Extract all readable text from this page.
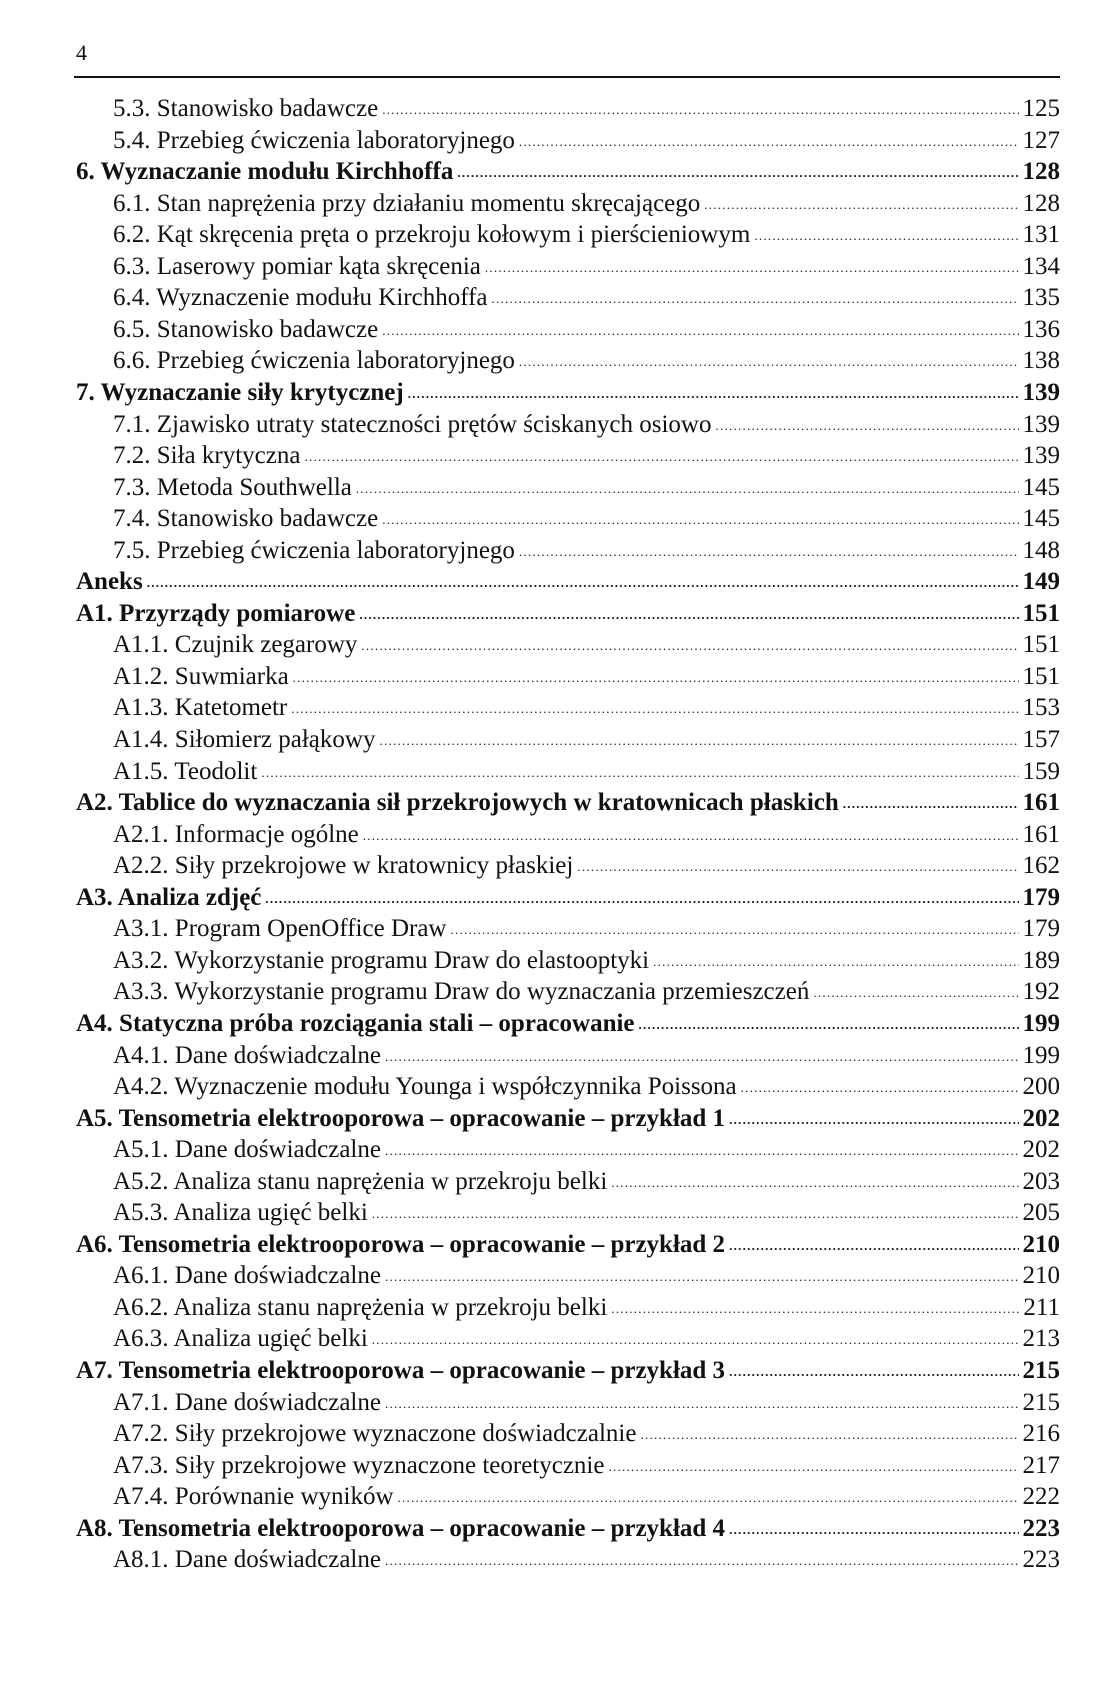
4
5.3. Stanowisko badawcze . . .	125
5.4. Przebieg ćwiczenia laboratoryjnego . . .	127
6. Wyznaczanie modułu Kirchhoffa . . .	128
6.1. Stan naprężenia przy działaniu momentu skręcającego . . .	128
6.2. Kąt skręcenia pręta o przekroju kołowym i pierścieniowym . . .	131
6.3. Laserowy pomiar kąta skręcenia . . .	134
6.4. Wyznaczenie modułu Kirchhoffa . . .	135
6.5. Stanowisko badawcze . . .	136
6.6. Przebieg ćwiczenia laboratoryjnego . . .	138
7. Wyznaczanie siły krytycznej . . .	139
7.1. Zjawisko utraty stateczności prętów ściskanych osiowo . . .	139
7.2. Siła krytyczna . . .	139
7.3. Metoda Southwella . . .	145
7.4. Stanowisko badawcze . . .	145
7.5. Przebieg ćwiczenia laboratoryjnego . . .	148
Aneks . . .	149
A1. Przyrządy pomiarowe . . .	151
A1.1. Czujnik zegarowy . . .	151
A1.2. Suwmiarka . . .	151
A1.3. Katetometr . . .	153
A1.4. Siłomierz pałąkowy . . .	157
A1.5. Teodolit . . .	159
A2. Tablice do wyznaczania sił przekrojowych w kratownicach płaskich . . .	161
A2.1. Informacje ogólne . . .	161
A2.2. Siły przekrojowe w kratownicy płaskiej . . .	162
A3. Analiza zdjęć . . .	179
A3.1. Program OpenOffice Draw . . .	179
A3.2. Wykorzystanie programu Draw do elastooptyki . . .	189
A3.3. Wykorzystanie programu Draw do wyznaczania przemieszczeń . . .	192
A4. Statyczna próba rozciągania stali – opracowanie . . .	199
A4.1. Dane doświadczalne . . .	199
A4.2. Wyznaczenie modułu Younga i współczynnika Poissona . . .	200
A5. Tensometria elektrooporowa – opracowanie – przykład 1 . . .	202
A5.1. Dane doświadczalne . . .	202
A5.2. Analiza stanu naprężenia w przekroju belki . . .	203
A5.3. Analiza ugięć belki . . .	205
A6. Tensometria elektrooporowa – opracowanie – przykład 2 . . .	210
A6.1. Dane doświadczalne . . .	210
A6.2. Analiza stanu naprężenia w przekroju belki . . .	211
A6.3. Analiza ugięć belki . . .	213
A7. Tensometria elektrooporowa – opracowanie – przykład 3 . . .	215
A7.1. Dane doświadczalne . . .	215
A7.2. Siły przekrojowe wyznaczone doświadczalnie . . .	216
A7.3. Siły przekrojowe wyznaczone teoretycznie . . .	217
A7.4. Porównanie wyników . . .	222
A8. Tensometria elektrooporowa – opracowanie – przykład 4 . . .	223
A8.1. Dane doświadczalne . . .	223
